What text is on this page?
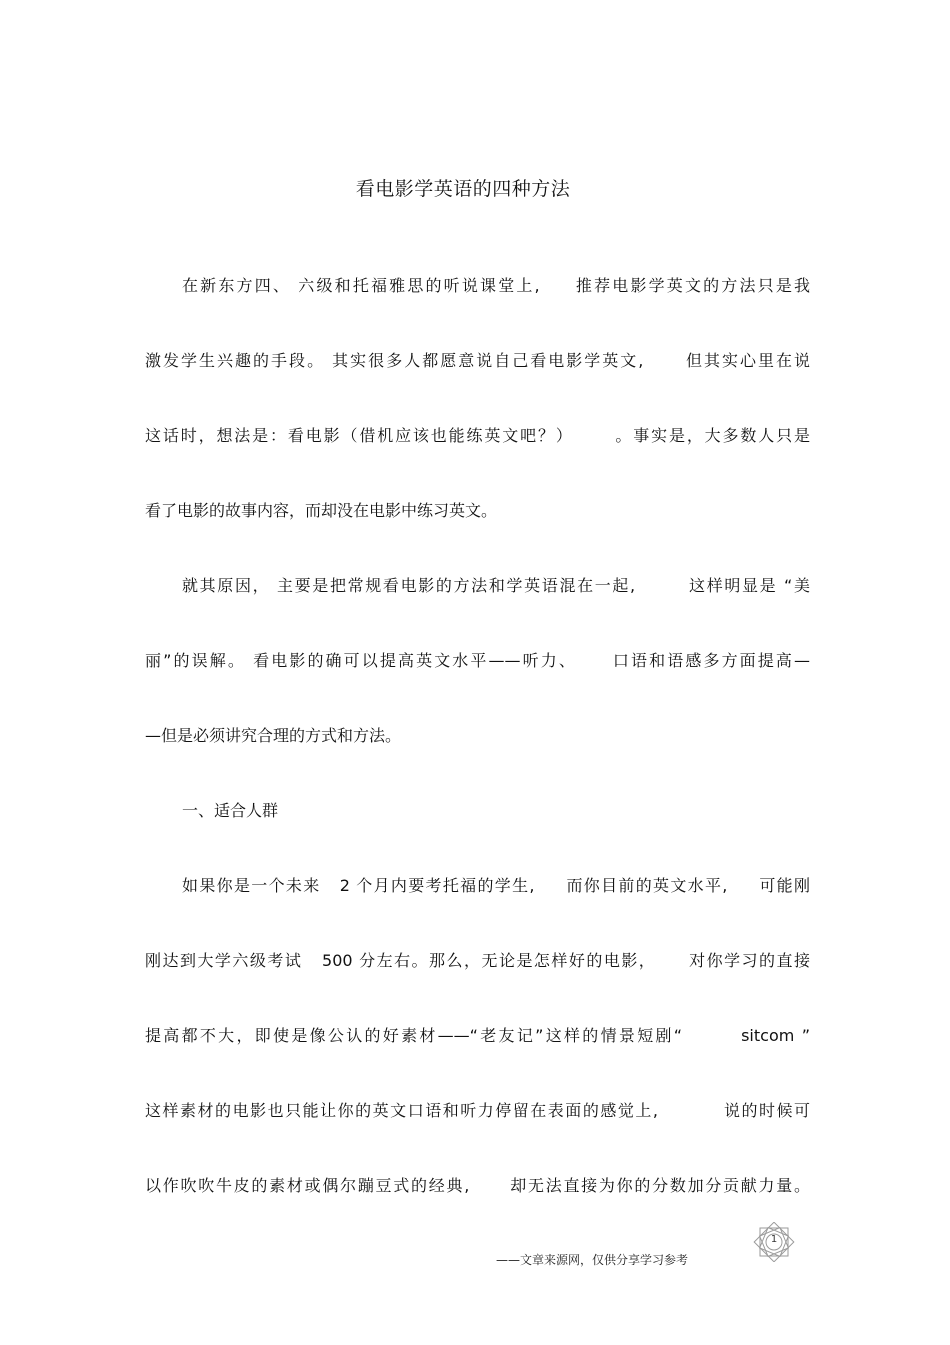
看电影学英语的四种方法
在新东方四、 六级和托福雅思的听说课堂上,     推荐电影学英文的方法只是我
激发学生兴趣的手段。 其实很多人都愿意说自己看电影学英文,      但其实心里在说
这话时，想法是：看电影（借机应该也能练英文吧？）      。事实是，大多数人只是
看了电影的故事内容，而却没在电影中练习英文。
就其原因， 主要是把常规看电影的方法和学英语混在一起,        这样明显是 “美
丽”的误解。 看电影的确可以提高英文水平——听力、     口语和语感多方面提高—
—但是必须讲究合理的方式和方法。
一、适合人群
如果你是一个未来   2 个月内要考托福的学生,     而你目前的英文水平,     可能刚
刚达到大学六级考试   500 分左右。那么，无论是怎样好的电影，     对你学习的直接
提高都不大，即使是像公认的好素材——“老友记”这样的情景短剧“        sitcom ”
这样素材的电影也只能让你的英文口语和听力停留在表面的感觉上,          说的时候可
以作吹吹牛皮的素材或偶尔蹦豆式的经典,      却无法直接为你的分数加分贡献力量。
——文章来源网，仅供分享学习参考
1
